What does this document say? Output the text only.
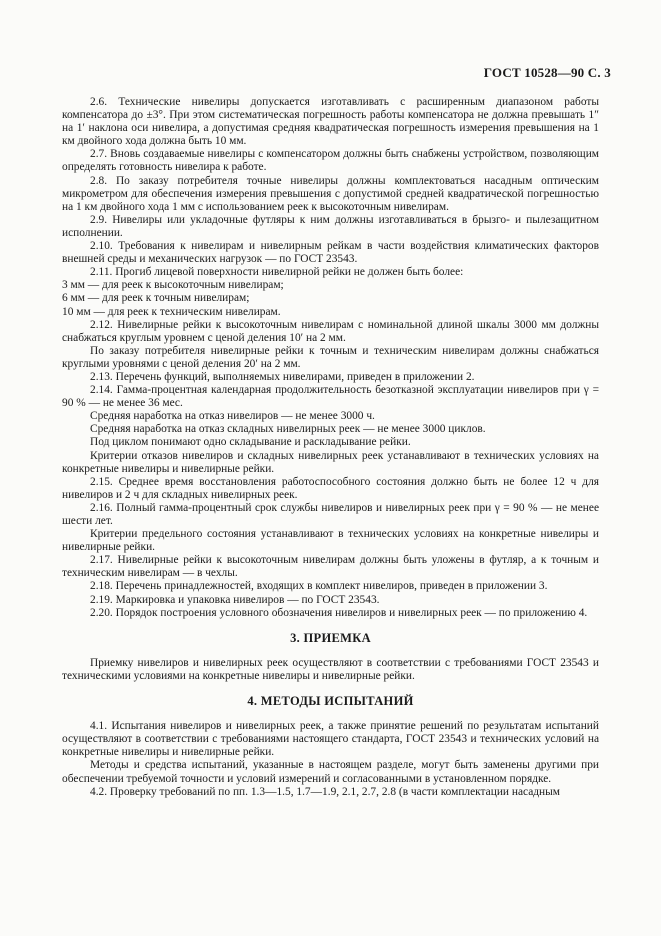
ГОСТ 10528—90 С. 3

2.6. Технические нивелиры допускается изготавливать с расширенным диапазоном работы компенсатора до ±3°. При этом систематическая погрешность работы компенсатора не должна превышать 1″ на 1′ наклона оси нивелира, а допустимая средняя квадратическая погрешность измерения превышения на 1 км двойного хода должна быть 10 мм.

2.7. Вновь создаваемые нивелиры с компенсатором должны быть снабжены устройством, позволяющим определять готовность нивелира к работе.

2.8. По заказу потребителя точные нивелиры должны комплектоваться насадным оптическим микрометром для обеспечения измерения превышения с допустимой средней квадратической погрешностью на 1 км двойного хода 1 мм с использованием реек к высокоточным нивелирам.

2.9. Нивелиры или укладочные футляры к ним должны изготавливаться в брызго- и пылезащитном исполнении.

2.10. Требования к нивелирам и нивелирным рейкам в части воздействия климатических факторов внешней среды и механических нагрузок — по ГОСТ 23543.

2.11. Прогиб лицевой поверхности нивелирной рейки не должен быть более:

3 мм — для реек к высокоточным нивелирам;

6 мм — для реек к точным нивелирам;

10 мм — для реек к техническим нивелирам.

2.12. Нивелирные рейки к высокоточным нивелирам с номинальной длиной шкалы 3000 мм должны снабжаться круглым уровнем с ценой деления 10′ на 2 мм.

По заказу потребителя нивелирные рейки к точным и техническим нивелирам должны снабжаться круглыми уровнями с ценой деления 20′ на 2 мм.

2.13. Перечень функций, выполняемых нивелирами, приведен в приложении 2.

2.14. Гамма-процентная календарная продолжительность безотказной эксплуатации нивелиров при γ = 90 % — не менее 36 мес.

Средняя наработка на отказ нивелиров — не менее 3000 ч.

Средняя наработка на отказ складных нивелирных реек — не менее 3000 циклов.

Под циклом понимают одно складывание и раскладывание рейки.

Критерии отказов нивелиров и складных нивелирных реек устанавливают в технических условиях на конкретные нивелиры и нивелирные рейки.

2.15. Среднее время восстановления работоспособного состояния должно быть не более 12 ч для нивелиров и 2 ч для складных нивелирных реек.

2.16. Полный гамма-процентный срок службы нивелиров и нивелирных реек при γ = 90 % — не менее шести лет.

Критерии предельного состояния устанавливают в технических условиях на конкретные нивелиры и нивелирные рейки.

2.17. Нивелирные рейки к высокоточным нивелирам должны быть уложены в футляр, а к точным и техническим нивелирам — в чехлы.

2.18. Перечень принадлежностей, входящих в комплект нивелиров, приведен в приложении 3.

2.19. Маркировка и упаковка нивелиров — по ГОСТ 23543.

2.20. Порядок построения условного обозначения нивелиров и нивелирных реек — по приложению 4.

3. ПРИЕМКА

Приемку нивелиров и нивелирных реек осуществляют в соответствии с требованиями ГОСТ 23543 и техническими условиями на конкретные нивелиры и нивелирные рейки.

4. МЕТОДЫ ИСПЫТАНИЙ

4.1. Испытания нивелиров и нивелирных реек, а также принятие решений по результатам испытаний осуществляют в соответствии с требованиями настоящего стандарта, ГОСТ 23543 и технических условий на конкретные нивелиры и нивелирные рейки.

Методы и средства испытаний, указанные в настоящем разделе, могут быть заменены другими при обеспечении требуемой точности и условий измерений и согласованными в установленном порядке.

4.2. Проверку требований по пп. 1.3—1.5, 1.7—1.9, 2.1, 2.7, 2.8 (в части комплектации насадным
